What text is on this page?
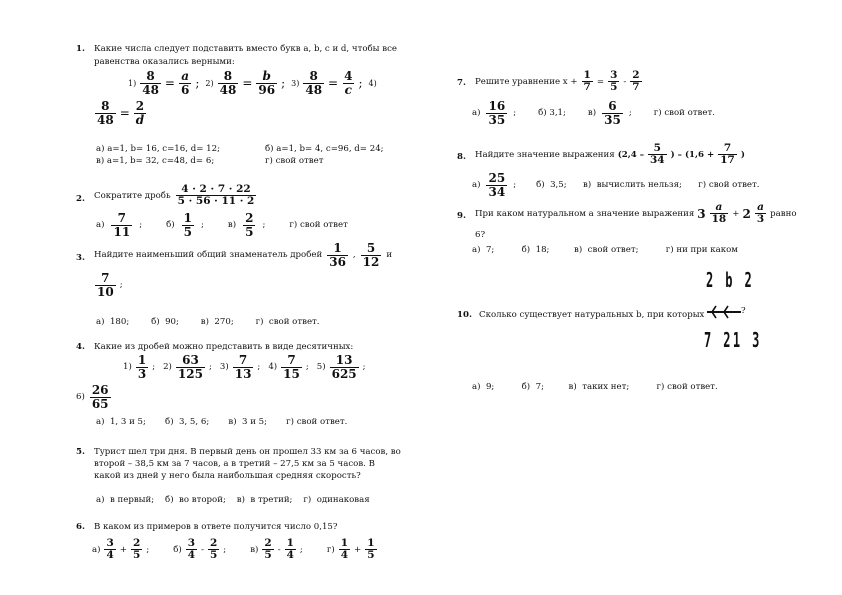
1. Какие числа следует подставить вместо букв a, b, c и d, чтобы все
равенства оказались верными:
$1) \frac{8}{48} = \frac{a}{6}$ ; $2) \frac{8}{48} = \frac{b}{96}$ ; $3) \frac{8}{48} = \frac{4}{c}$ ; 4)
$\frac{8}{48} = \frac{2}{d}$
а) a=1, b= 16, c=16, d= 12;	б) a=1, b= 4, c=96, d= 24;
в) a=1, b= 32, c=48, d= 6;	г) свой ответ
2. Сократите дробь $\frac{4 \cdot 2 \cdot 7 \cdot 22}{5 \cdot 56 \cdot 11 \cdot 2}$
$а) \frac{7}{11}$ ;	$б) \frac{1}{5}$ ;	$в) \frac{2}{5}$ ;	г) свой ответ
3. Найдите наименьший общий знаменатель дробей $\frac{1}{36}$ , $\frac{5}{12}$ и
$\frac{7}{10}$ ;
а)  180;        б)  90;        в)  270;        г)  свой ответ.
4. Какие из дробей можно представить в виде десятичных:
$1) \frac{1}{3}$ ; $2) \frac{63}{125}$ ; $3) \frac{7}{13}$ ; $4) \frac{7}{15}$ ; $5) \frac{13}{625}$ ;
$6) \frac{26}{65}$
а)  1, 3 и 5;       б)  3, 5, 6;       в)  3 и 5;       г) свой ответ.
5. Турист шел три дня. В первый день он прошел 33 км за 6 часов, во
второй – 38,5 км за 7 часов, а в третий – 27,5 км за 5 часов. В
какой из дней у него была наибольшая средняя скорость?
а)  в первый;    б)  во второй;    в)  в третий;    г)  одинаковая
6. В каком из примеров в ответе получится число 0,15?
$а) \frac{3}{4} + \frac{2}{5}$ ;	$б) \frac{3}{4} - \frac{2}{5}$ ;	$в) \frac{2}{5} - \frac{1}{4}$ ;	$г) \frac{1}{4} + \frac{1}{5}$
7. Решите уравнение $x + \frac{1}{7} = \frac{3}{5} - \frac{2}{7}$
$а) \frac{16}{35}$ ;	б) 3,1;	$в) \frac{6}{35}$ ;	г) свой ответ.
8. Найдите значение выражения ($2,4 - \frac{5}{34}$ ) – ($1,6 + \frac{7}{17}$ )
$а) \frac{25}{34}$ ; б)  3,5;      в)  вычислить нельзя;      г) свой ответ.
9. При каком натуральном a значение выражения $3 \frac{a}{18} + 2 \frac{a}{3}$ равно
6?
а)  7;          б)  18;         в)  свой ответ;          г) ни при каком
10. Сколько существует натуральных b, при которых
2 b 2
?
7 21 3
а)  9;          б)  7;         в)  таких нет;          г) свой ответ.
